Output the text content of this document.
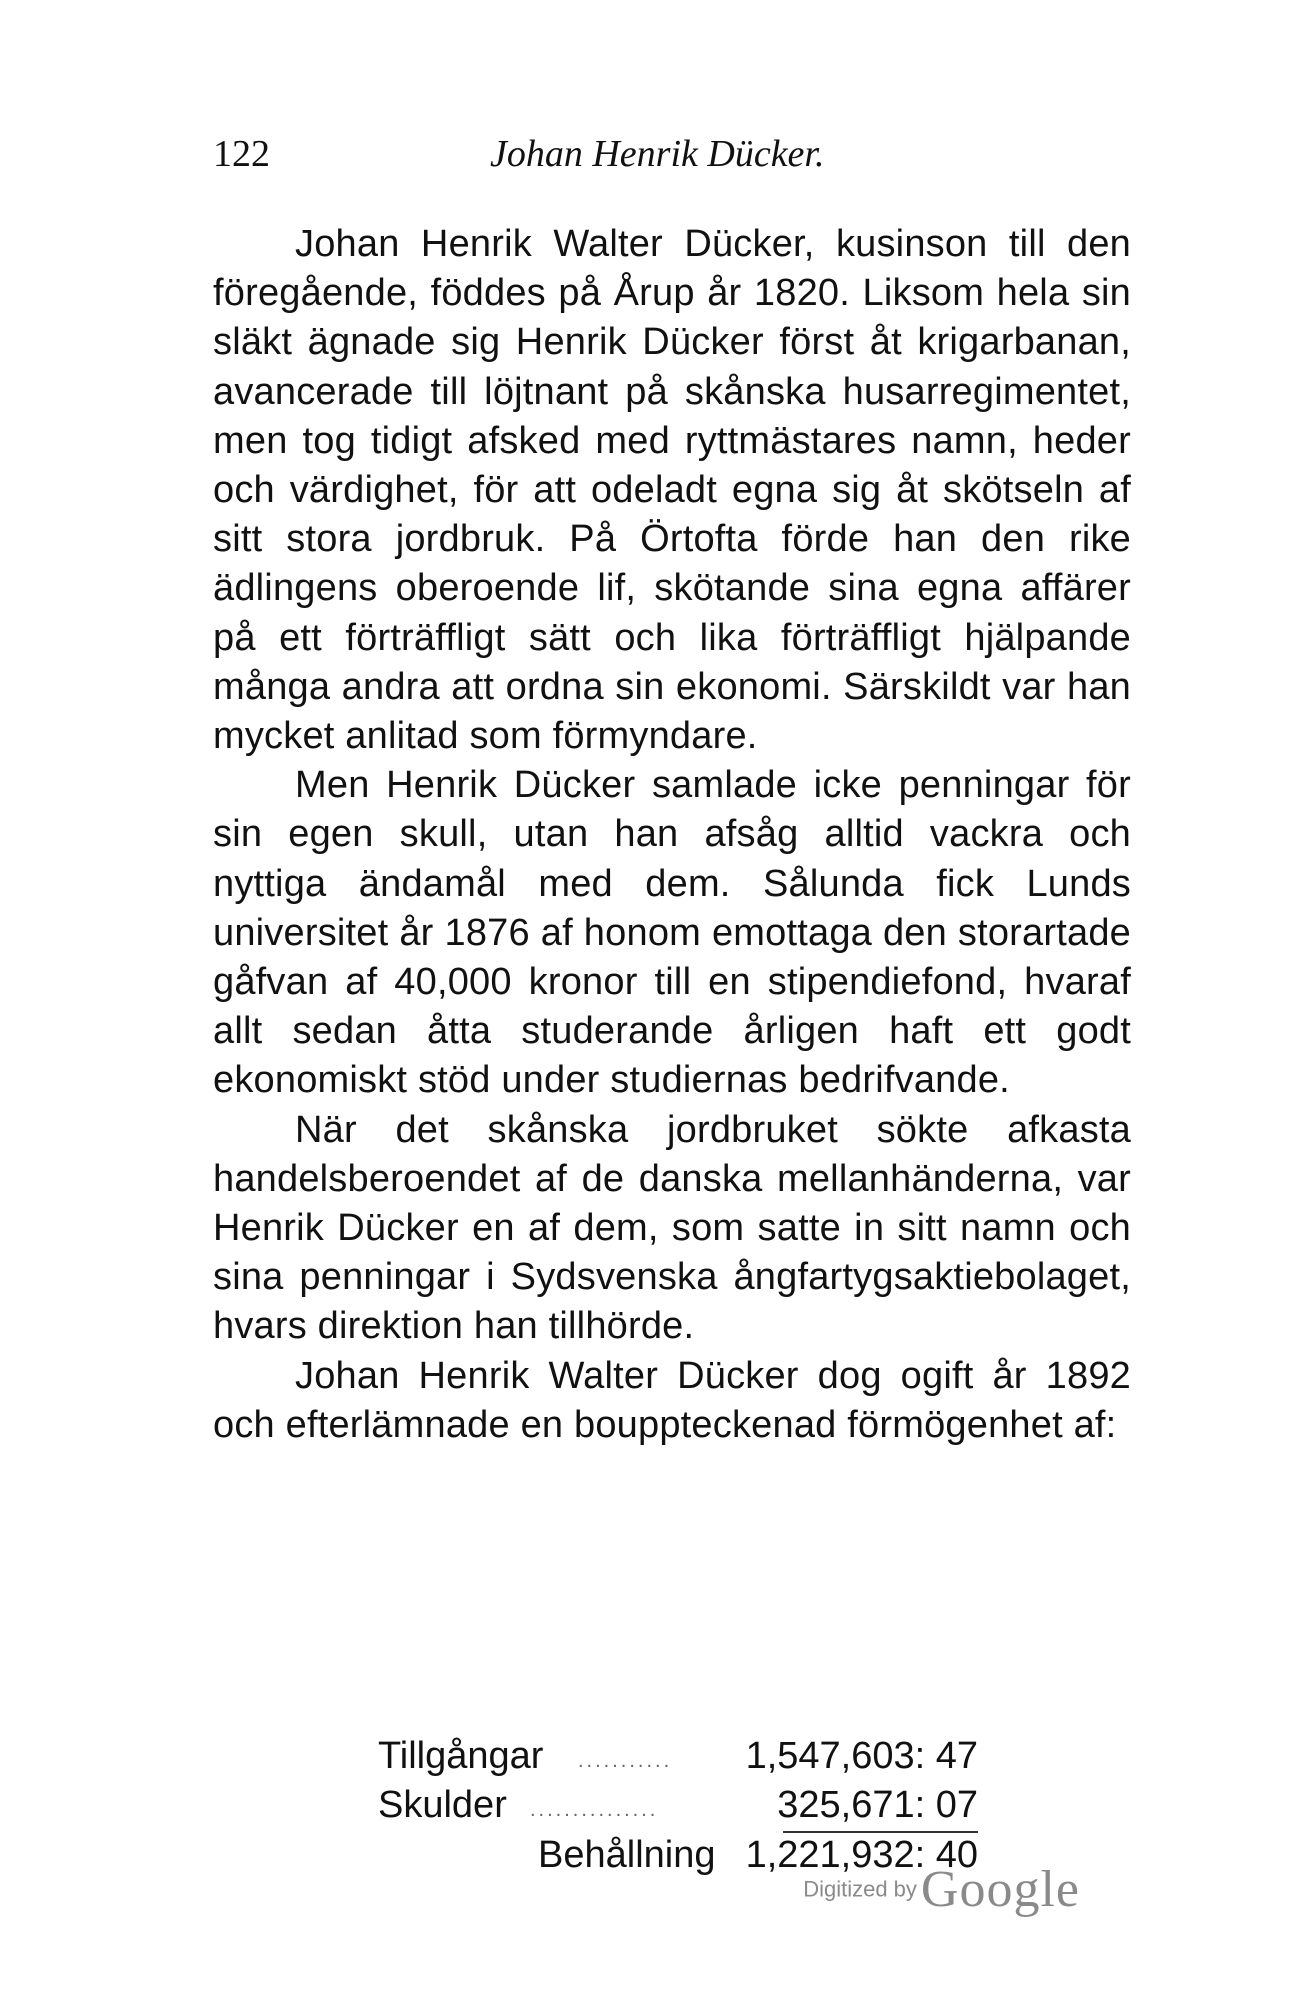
122	Johan Henrik Dücker.

Johan Henrik Walter Dücker, kusinson till den föregående, föddes på Årup år 1820. Liksom hela sin släkt ägnade sig Henrik Dücker först åt krigarbanan, avancerade till löjtnant på skånska husarregimentet, men tog tidigt afsked med ryttmästares namn, heder och värdighet, för att odeladt egna sig åt skötseln af sitt stora jordbruk. På Örtofta förde han den rike ädlingens oberoende lif, skötande sina egna affärer på ett förträffligt sätt och lika förträffligt hjälpande många andra att ordna sin ekonomi. Särskildt var han mycket anlitad som förmyndare.

Men Henrik Dücker samlade icke penningar för sin egen skull, utan han afsåg alltid vackra och nyttiga ändamål med dem. Sålunda fick Lunds universitet år 1876 af honom emottaga den storartade gåfvan af 40,000 kronor till en stipendiefond, hvaraf allt sedan åtta studerande årligen haft ett godt ekonomiskt stöd under studiernas bedrifvande.

När det skånska jordbruket sökte afkasta handelsberoendet af de danska mellanhänderna, var Henrik Dücker en af dem, som satte in sitt namn och sina penningar i Sydsvenska ångfartygsaktiebolaget, hvars direktion han tillhörde.

Johan Henrik Walter Dücker dog ogift år 1892 och efterlämnade en bouppteckenad förmögenhet af:

Tillgångar ........... 1,547,603: 47
Skulder ...............	325,671: 07
Behållning 1,221,932: 40
Digitized by Google
